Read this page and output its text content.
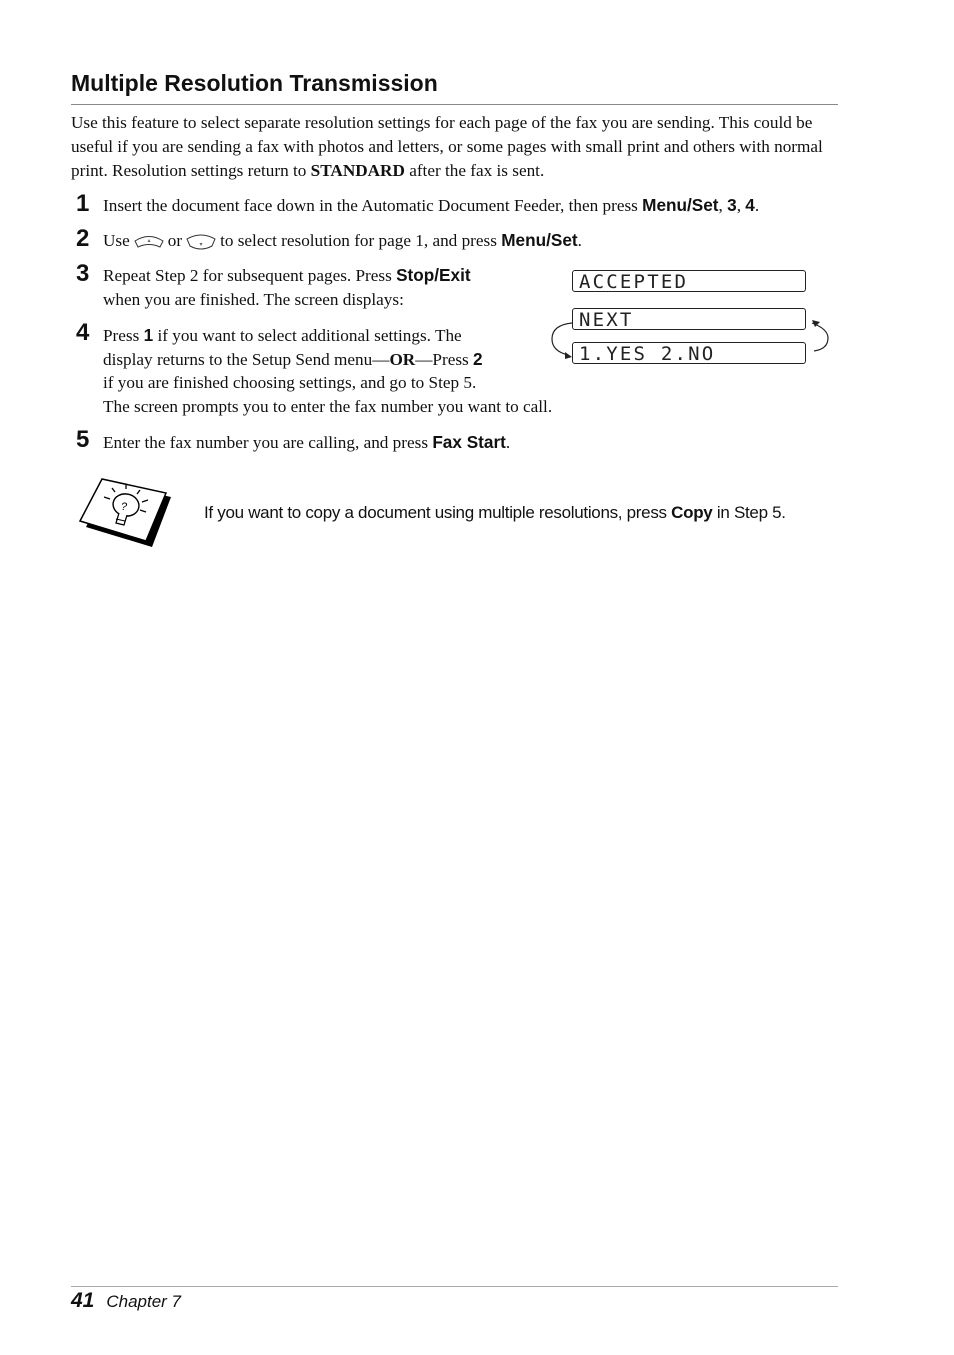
Multiple Resolution Transmission
Use this feature to select separate resolution settings for each page of the fax you are sending. This could be useful if you are sending a fax with photos and letters, or some pages with small print and others with normal print. Resolution settings return to STANDARD after the fax is sent.
1 Insert the document face down in the Automatic Document Feeder, then press Menu/Set, 3, 4.
2 Use or to select resolution for page 1, and press Menu/Set.
3 Repeat Step 2 for subsequent pages. Press Stop/Exit
when you are finished. The screen displays:
4 Press 1 if you want to select additional settings. The
display returns to the Setup Send menu—OR—Press 2
if you are finished choosing settings, and go to Step 5.
The screen prompts you to enter the fax number you want to call.
5 Enter the fax number you are calling, and press Fax Start.
ACCEPTED
NEXT
1.YES 2.NO
?	If you want to copy a document using multiple resolutions, press Copy in Step 5.
41 Chapter 7
